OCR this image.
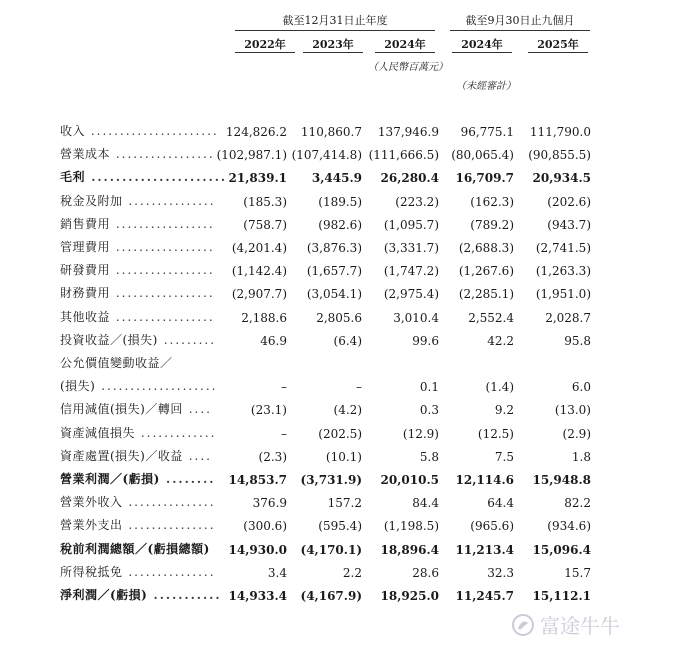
截至12月31日止年度	截至9月30日止九個月
2022年	2023年	2024年	2024年	2025年
（人民幣百萬元）
（未經審計）
收入 ...................... 124,826.2 110,860.7 137,946.9 96,775.1 111,790.0
營業成本 ................. (102,987.1) (107,414.8) (111,666.5) (80,065.4) (90,855.5)
毛利 ...................... 21,839.1 3,445.9 26,280.4 16,709.7 20,934.5
稅金及附加 ............... (185.3)	(189.5)	(223.2)	(162.3)	(202.6)
銷售費用 ................. (758.7)	(982.6) (1,095.7)	(789.2)	(943.7)
管理費用 ................. (4,201.4) (3,876.3) (3,331.7) (2,688.3) (2,741.5)
研發費用 ................. (1,142.4) (1,657.7) (1,747.2) (1,267.6) (1,263.3)
財務費用 ................. (2,907.7) (3,054.1) (2,975.4) (2,285.1) (1,951.0)
其他收益 ................. 2,188.6 2,805.6	3,010.4 2,552.4	2,028.7
投資收益／(損失) .........	46.9	(6.4)	99.6	42.2	95.8
公允價值變動收益／
(損失) ....................	–	–	0.1	(1.4)	6.0
信用減值(損失)／轉回 ....	(23.1)	(4.2)	0.3	9.2	(13.0)
資產減值損失 .............	–	(202.5)	(12.9)	(12.5)	(2.9)
資產處置(損失)／收益 ....	(2.3)	(10.1)	5.8	7.5	1.8
營業利潤／(虧損) ........ 14,853.7 (3,731.9) 20,010.5 12,114.6 15,948.8
營業外收入 ...............	376.9	157.2	84.4	64.4	82.2
營業外支出 ............... (300.6)	(595.4) (1,198.5)	(965.6)	(934.6)
稅前利潤總額／(虧損總額) 14,930.0 (4,170.1) 18,896.4 11,213.4 15,096.4
所得稅抵免 ...............	3.4	2.2	28.6	32.3	15.7
淨利潤／(虧損) ........... 14,933.4 (4,167.9) 18,925.0 11,245.7 15,112.1
富途牛牛
